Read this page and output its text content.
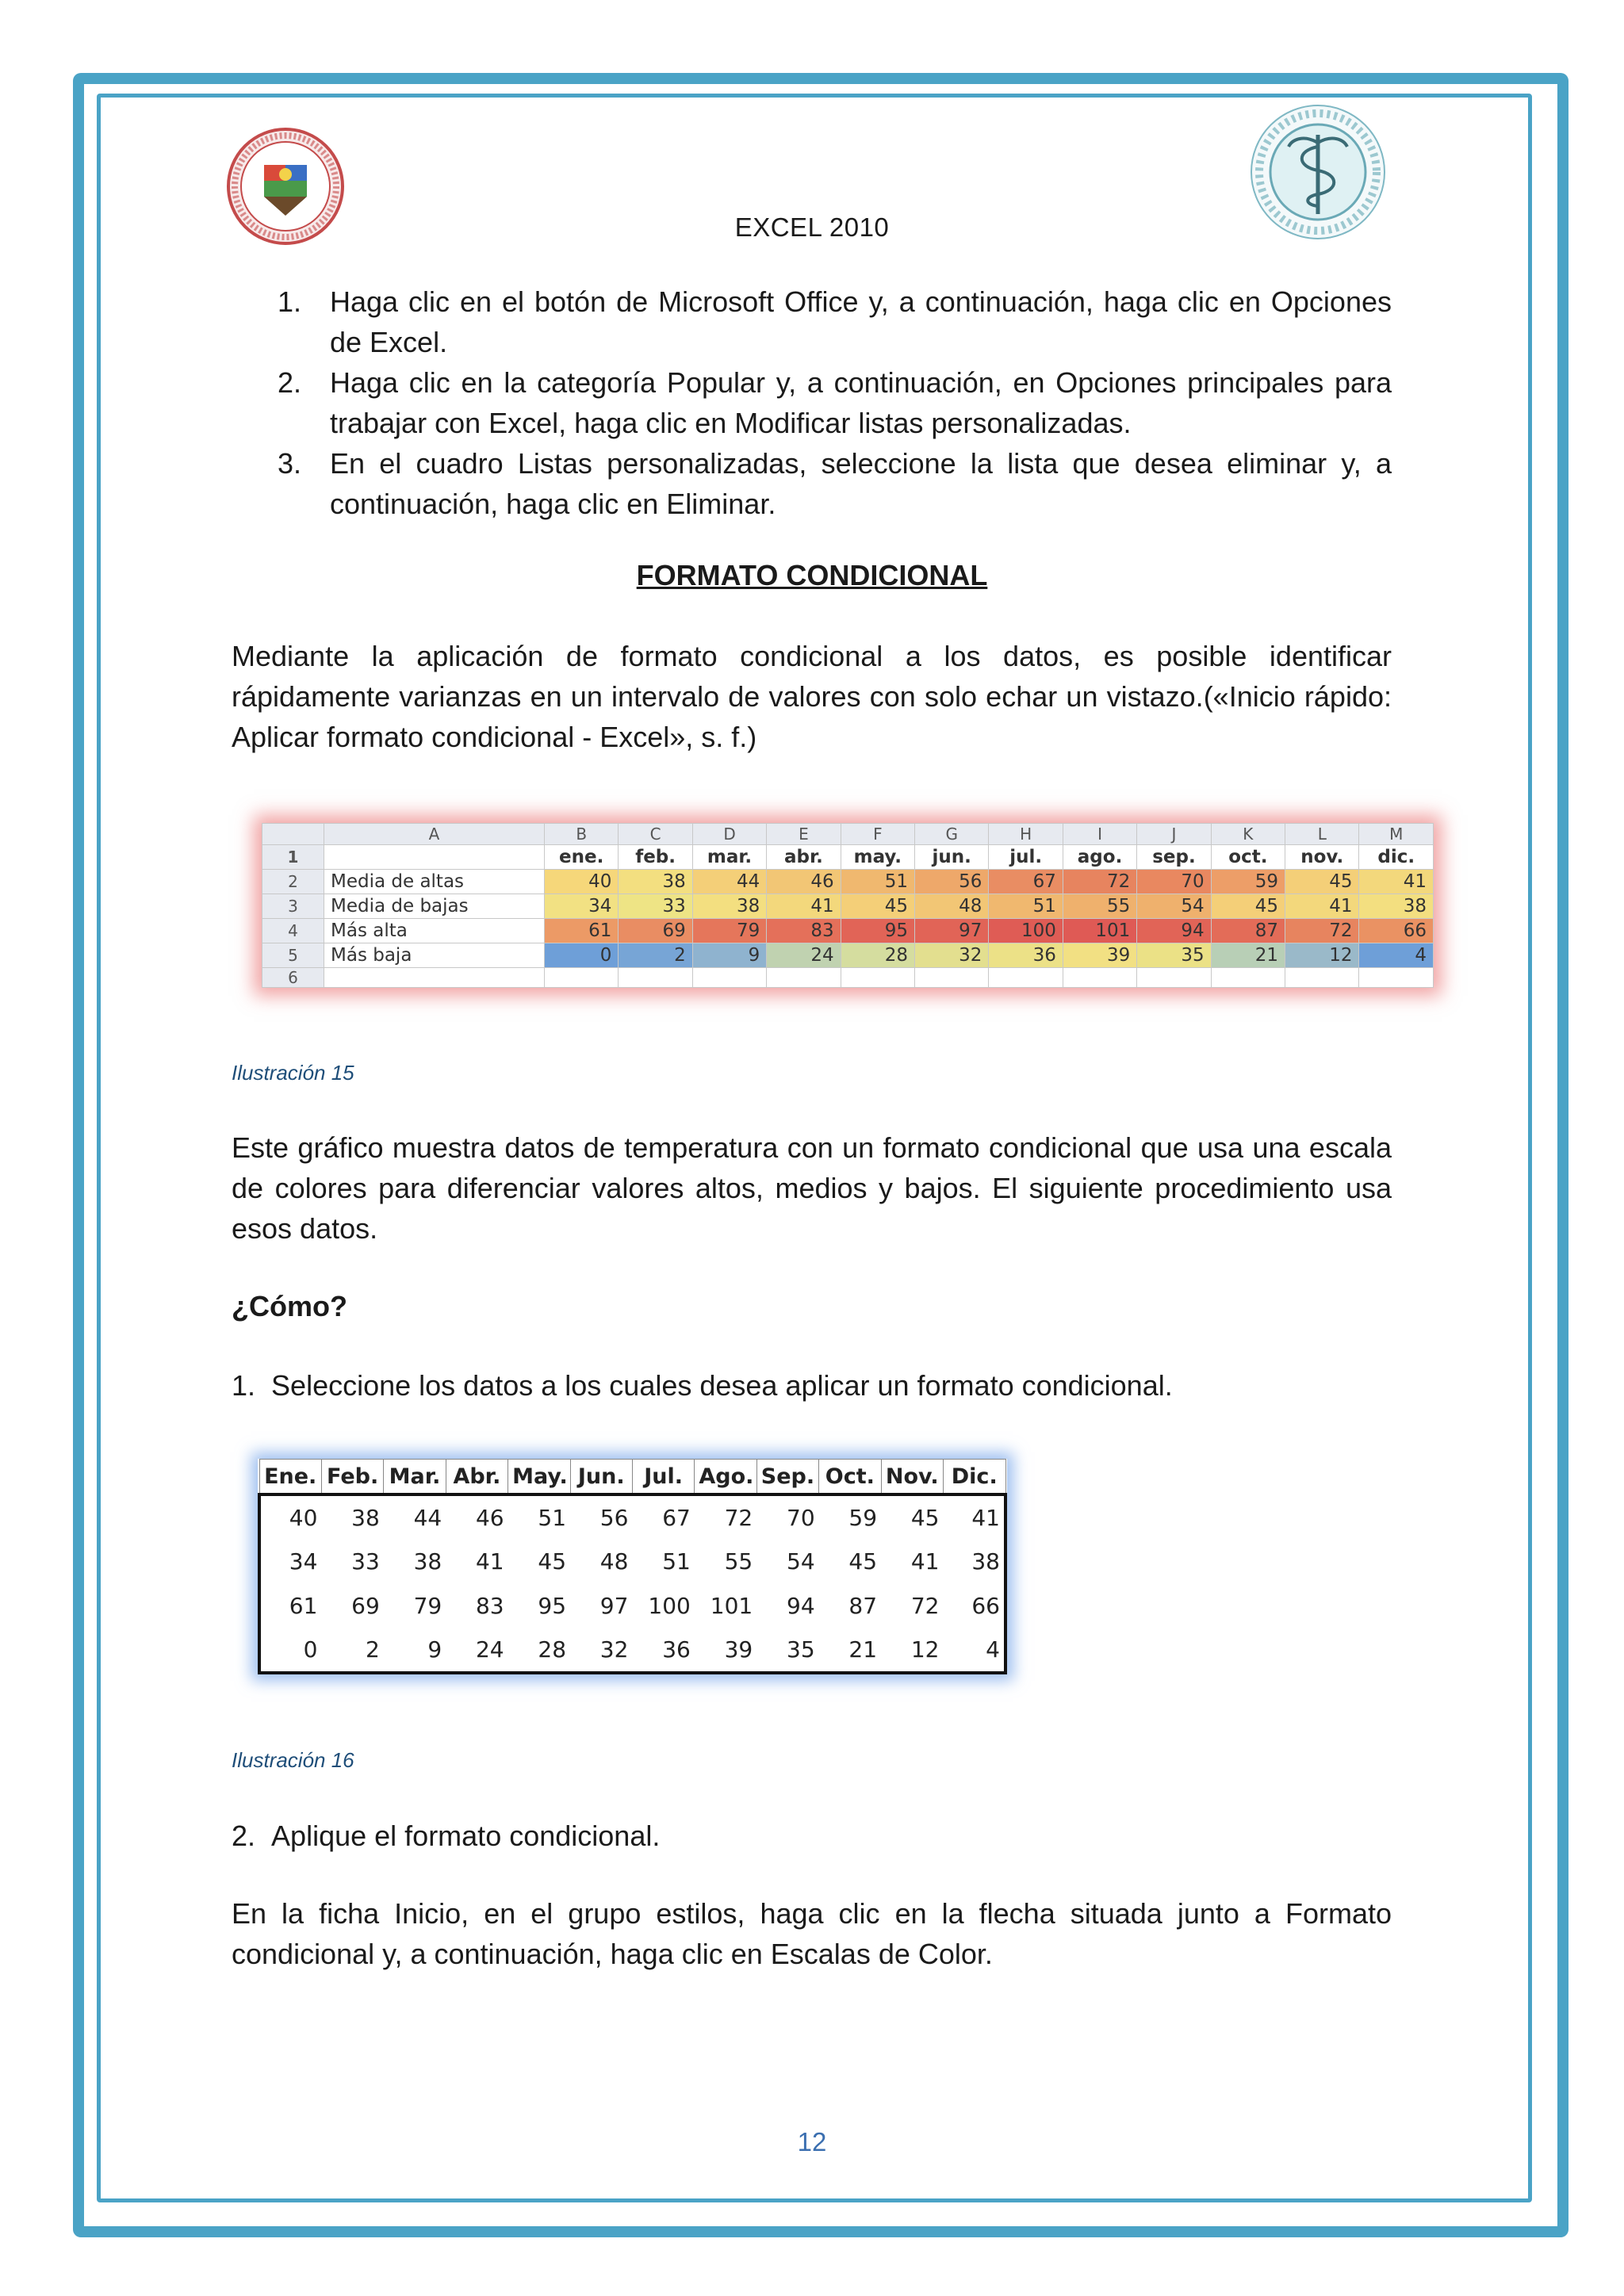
EXCEL 2010
1. Haga clic en el botón de Microsoft Office y, a continuación, haga clic en Opciones de Excel.
2. Haga clic en la categoría Popular y, a continuación, en Opciones principales para trabajar con Excel, haga clic en Modificar listas personalizadas.
3. En el cuadro Listas personalizadas, seleccione la lista que desea eliminar y, a continuación, haga clic en Eliminar.
FORMATO CONDICIONAL
Mediante la aplicación de formato condicional a los datos, es posible identificar rápidamente varianzas en un intervalo de valores con solo echar un vistazo.(«Inicio rápido: Aplicar formato condicional - Excel», s. f.)
	A	B	C	D	E	F	G	H	I	J	K	L	M
1		ene.	feb.	mar.	abr.	may.	jun.	jul.	ago.	sep.	oct.	nov.	dic.
2	Media de altas	40	38	44	46	51	56	67	72	70	59	45	41
3	Media de bajas	34	33	38	41	45	48	51	55	54	45	41	38
4	Más alta	61	69	79	83	95	97	100	101	94	87	72	66
5	Más baja	0	2	9	24	28	32	36	39	35	21	12	4
6													
Ilustración 15
Este gráfico muestra datos de temperatura con un formato condicional que usa una escala de colores para diferenciar valores altos, medios y bajos. El siguiente procedimiento usa esos datos.
¿Cómo?
1. Seleccione los datos a los cuales desea aplicar un formato condicional.
Ene.	Feb.	Mar.	Abr.	May.	Jun.	Jul.	Ago.	Sep.	Oct.	Nov.	Dic.
40	38	44	46	51	56	67	72	70	59	45	41
34	33	38	41	45	48	51	55	54	45	41	38
61	69	79	83	95	97	100	101	94	87	72	66
0	2	9	24	28	32	36	39	35	21	12	4
Ilustración 16
2. Aplique el formato condicional.
En la ficha Inicio, en el grupo estilos, haga clic en la flecha situada junto a Formato condicional y, a continuación, haga clic en Escalas de Color.
12
